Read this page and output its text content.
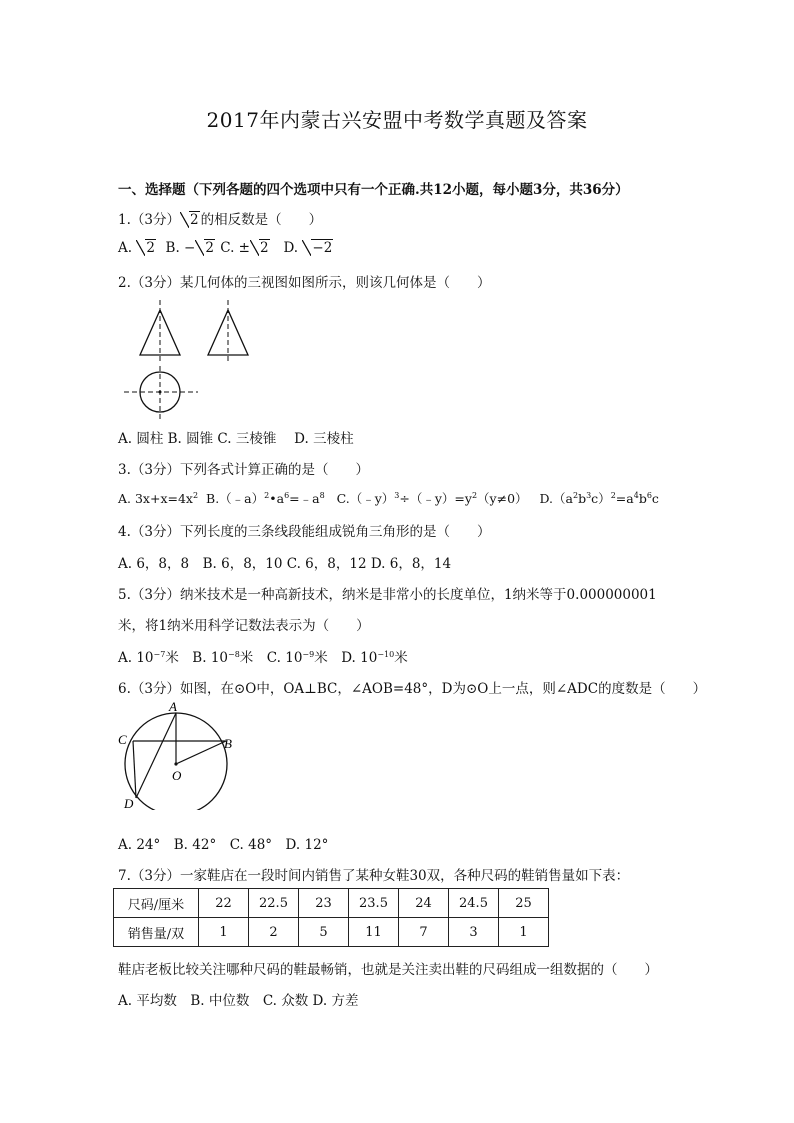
2017年内蒙古兴安盟中考数学真题及答案
一、选择题（下列各题的四个选项中只有一个正确.共12小题，每小题3分，共36分）
1.（3分） 2 的相反数是（　　）
A. 2 B. − 2 C. ± 2 D. −2
2.（3分）某几何体的三视图如图所示，则该几何体是（　　）
A. 圆柱 B. 圆锥 C. 三棱锥　 D. 三棱柱
3.（3分）下列各式计算正确的是（　　）
A. $3x+x=4x^2$  $B.(﹣a)^2•a^6=﹣a^8$   $C.(﹣y)^3\div(﹣y)=y^2(y\ne 0)$   $D.(a^2b^3c)^2=a^4b^6c$
4.（3分）下列长度的三条线段能组成锐角三角形的是（　　）
A. 6，8，8　B. 6，8，10 C. 6，8，12 D. 6，8，14
5.（3分）纳米技术是一种高新技术，纳米是非常小的长度单位，1纳米等于0.000000001
米，将1纳米用科学记数法表示为（　　）
A. $10^{-7}$米　B. $10^{-8}$米　C. $10^{-9}$米　D. $10^{-10}$米
6.（3分）如图，在⊙O中，OA⊥BC，∠AOB=48°，D为⊙O上一点，则∠ADC的度数是（　　）
A
B
C
O
D
A. 24°　B. 42°　C. 48°　D. 12°
7.（3分）一家鞋店在一段时间内销售了某种女鞋30双，各种尺码的鞋销售量如下表：
尺码/厘米	22	22.5	23	23.5	24	24.5	25
销售量/双	1	2	5	11	7	3	1
鞋店老板比较关注哪种尺码的鞋最畅销，也就是关注卖出鞋的尺码组成一组数据的（　　）
A. 平均数　B. 中位数　C. 众数 D. 方差
